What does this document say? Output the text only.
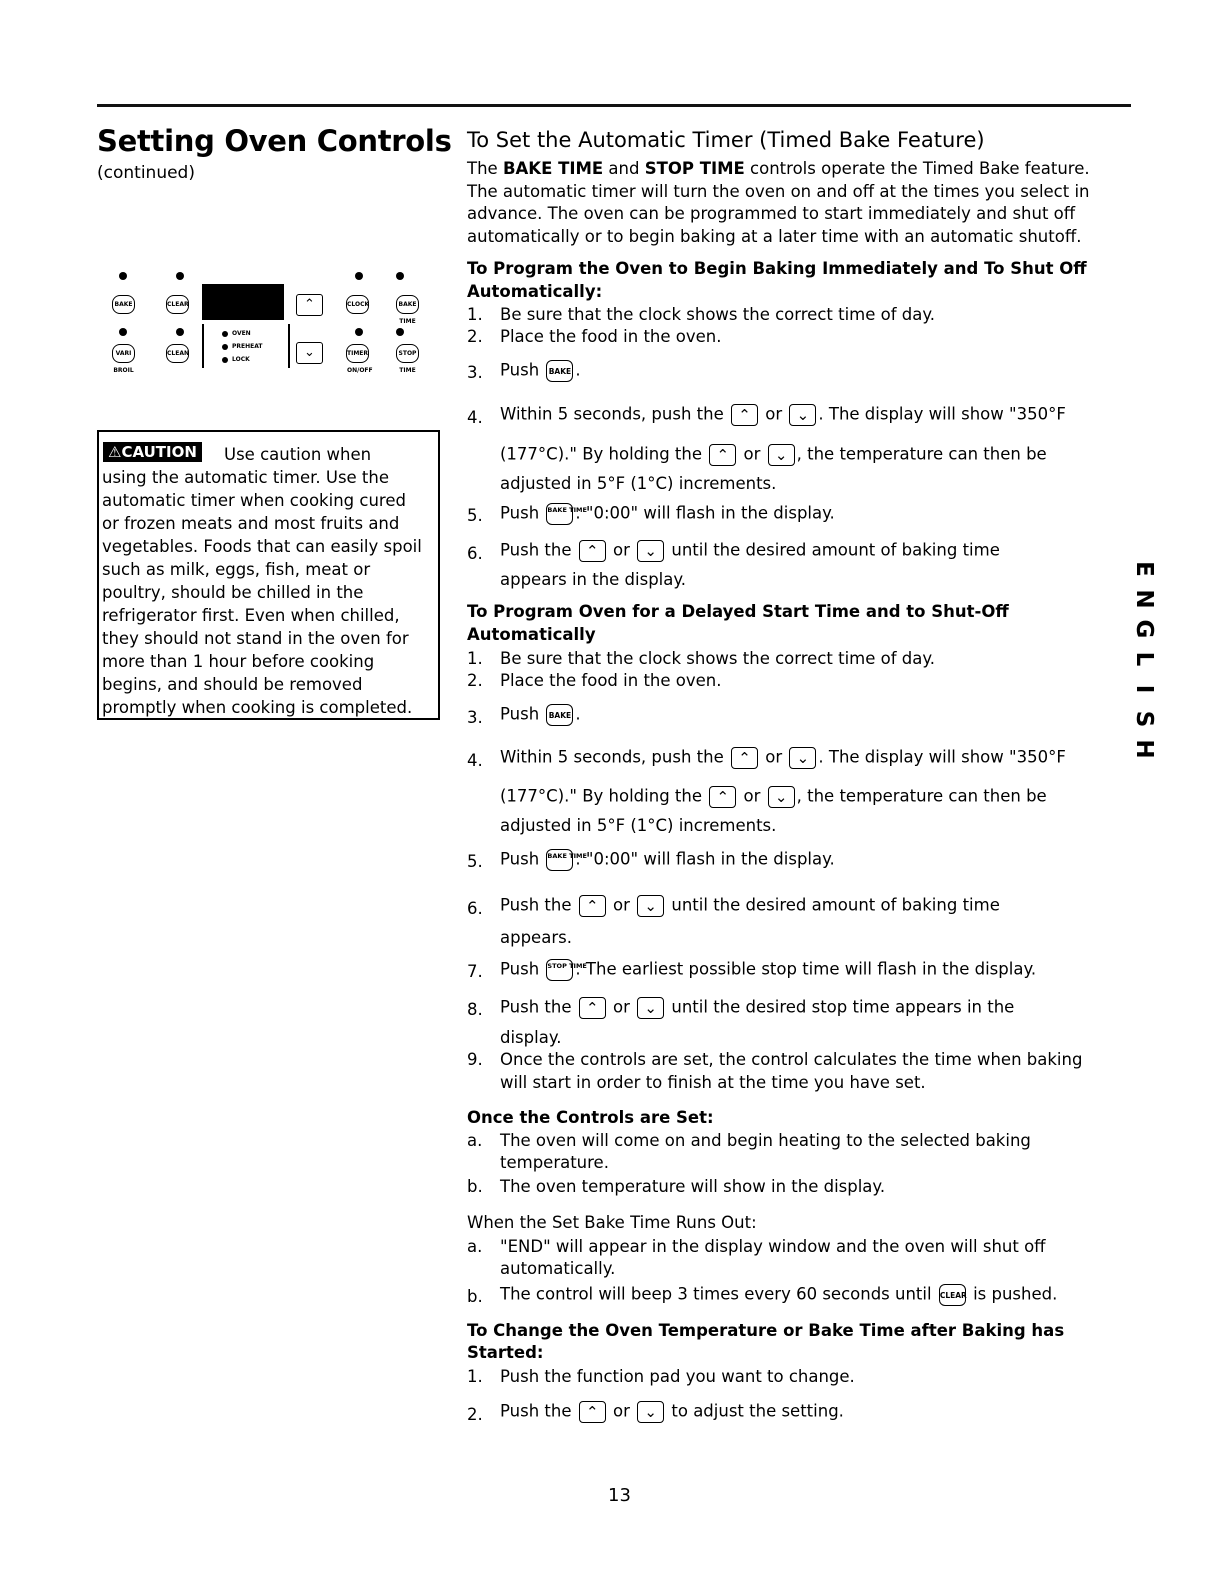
Setting Oven Controls
(continued)
BAKE	CLEAR	⌃	CLOCK	BAKE TIME
VARI BROIL
CLEAN
OVEN
PREHEAT
LOCK	⌄	TIMER ON/OFF
STOP TIME
⚠CAUTION	Use caution when
using the automatic timer. Use the
automatic timer when cooking cured
or frozen meats and most fruits and
vegetables. Foods that can easily spoil
such as milk, eggs, fish, meat or
poultry, should be chilled in the
refrigerator first. Even when chilled,
they should not stand in the oven for
more than 1 hour before cooking
begins, and should be removed
promptly when cooking is completed.

To Set the Automatic Timer (Timed Bake Feature)
The BAKE TIME and STOP TIME controls operate the Timed Bake feature.
The automatic timer will turn the oven on and off at the times you select in
advance. The oven can be programmed to start immediately and shut off
automatically or to begin baking at a later time with an automatic shutoff.
To Program the Oven to Begin Baking Immediately and To Shut Off
Automatically:
1. Be sure that the clock shows the correct time of day.
2. Place the food in the oven.
3. Push BAKE .
4. Within 5 seconds, push the ⌃ or ⌄ . The display will show "350°F
(177°C)." By holding the ⌃ or ⌄ , the temperature can then be
adjusted in 5°F (1°C) increments.
5. Push BAKE TIME. "0:00" will flash in the display.
6. Push the ⌃ or ⌄ until the desired amount of baking time
appears in the display.
To Program Oven for a Delayed Start Time and to Shut-Off
Automatically
1. Be sure that the clock shows the correct time of day.
2. Place the food in the oven.
3. Push BAKE .
4. Within 5 seconds, push the ⌃ or ⌄ . The display will show "350°F
(177°C)." By holding the ⌃ or ⌄ , the temperature can then be
adjusted in 5°F (1°C) increments.
5. Push BAKE TIME. "0:00" will flash in the display.
6. Push the ⌃ or ⌄ until the desired amount of baking time
appears.
7. Push STOP TIME. The earliest possible stop time will flash in the display.
8. Push the ⌃ or ⌄ until the desired stop time appears in the
display.
9. Once the controls are set, the control calculates the time when baking
will start in order to finish at the time you have set.
Once the Controls are Set:
a. The oven will come on and begin heating to the selected baking
temperature.
b. The oven temperature will show in the display.
When the Set Bake Time Runs Out:
a. "END" will appear in the display window and the oven will shut off
automatically.
b. The control will beep 3 times every 60 seconds until CLEAR is pushed.
To Change the Oven Temperature or Bake Time after Baking has
Started:
1. Push the function pad you want to change.
2. Push the ⌃ or ⌄ to adjust the setting.
E
N
G
L
I
S
H
13
